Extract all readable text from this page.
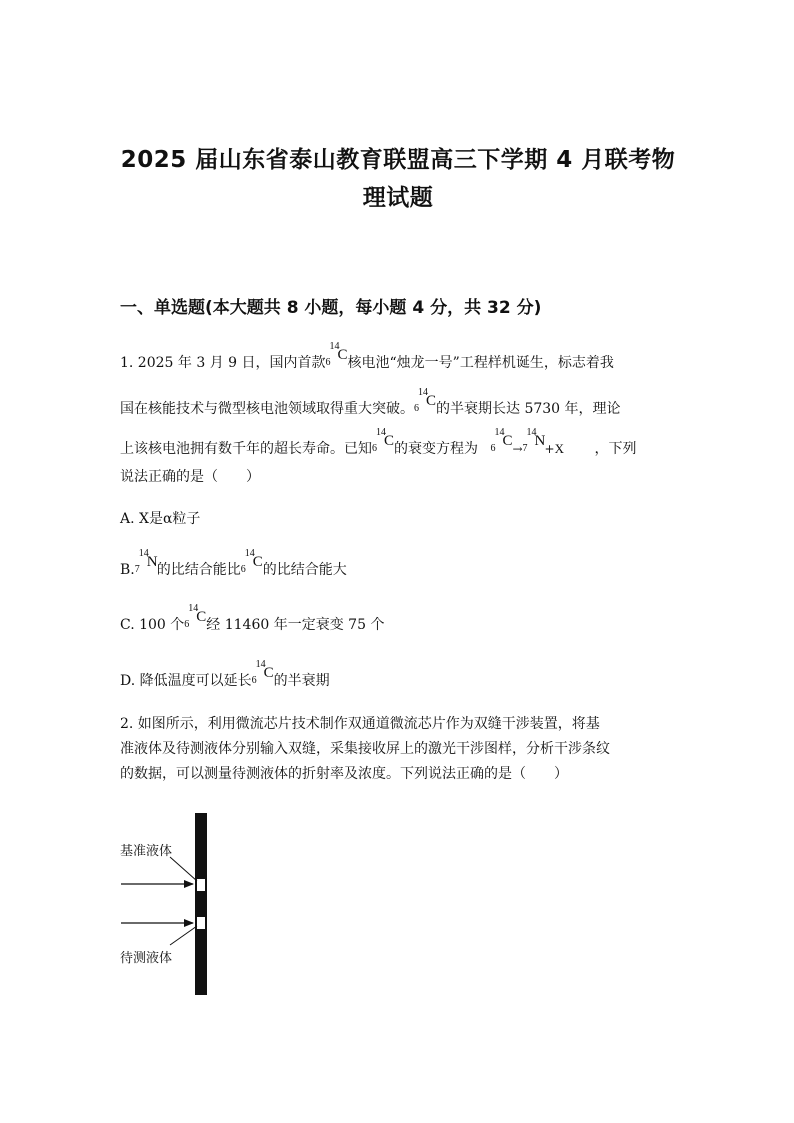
2025 届山东省泰山教育联盟高三下学期 4 月联考物
理试题
一、单选题(本大题共 8 小题，每小题 4 分，共 32 分)

1. 2025 年 3 月 9 日，国内首款
14
6 C 核电池“烛龙一号”工程样机诞生，标志着我

国在核能技术与微型核电池领域取得重大突破。
14
6 C 的半衰期长达 5730 年，理论

上该核电池拥有数千年的超长寿命。已知
14
6 C 的衰变方程为
14
6 C →
14
7 N +X ，下列

说法正确的是（　　）

A. X是α粒子

B.
14
7 N 的比结合能比
14
6 C 的比结合能大

C. 100 个
14
6 C 经 11460 年一定衰变 75 个

D. 降低温度可以延长
14
6 C 的半衰期

2. 如图所示，利用微流芯片技术制作双通道微流芯片作为双缝干涉装置，将基

准液体及待测液体分别输入双缝，采集接收屏上的激光干涉图样，分析干涉条纹

的数据，可以测量待测液体的折射率及浓度。下列说法正确的是（　　）

基准液体

待测液体
